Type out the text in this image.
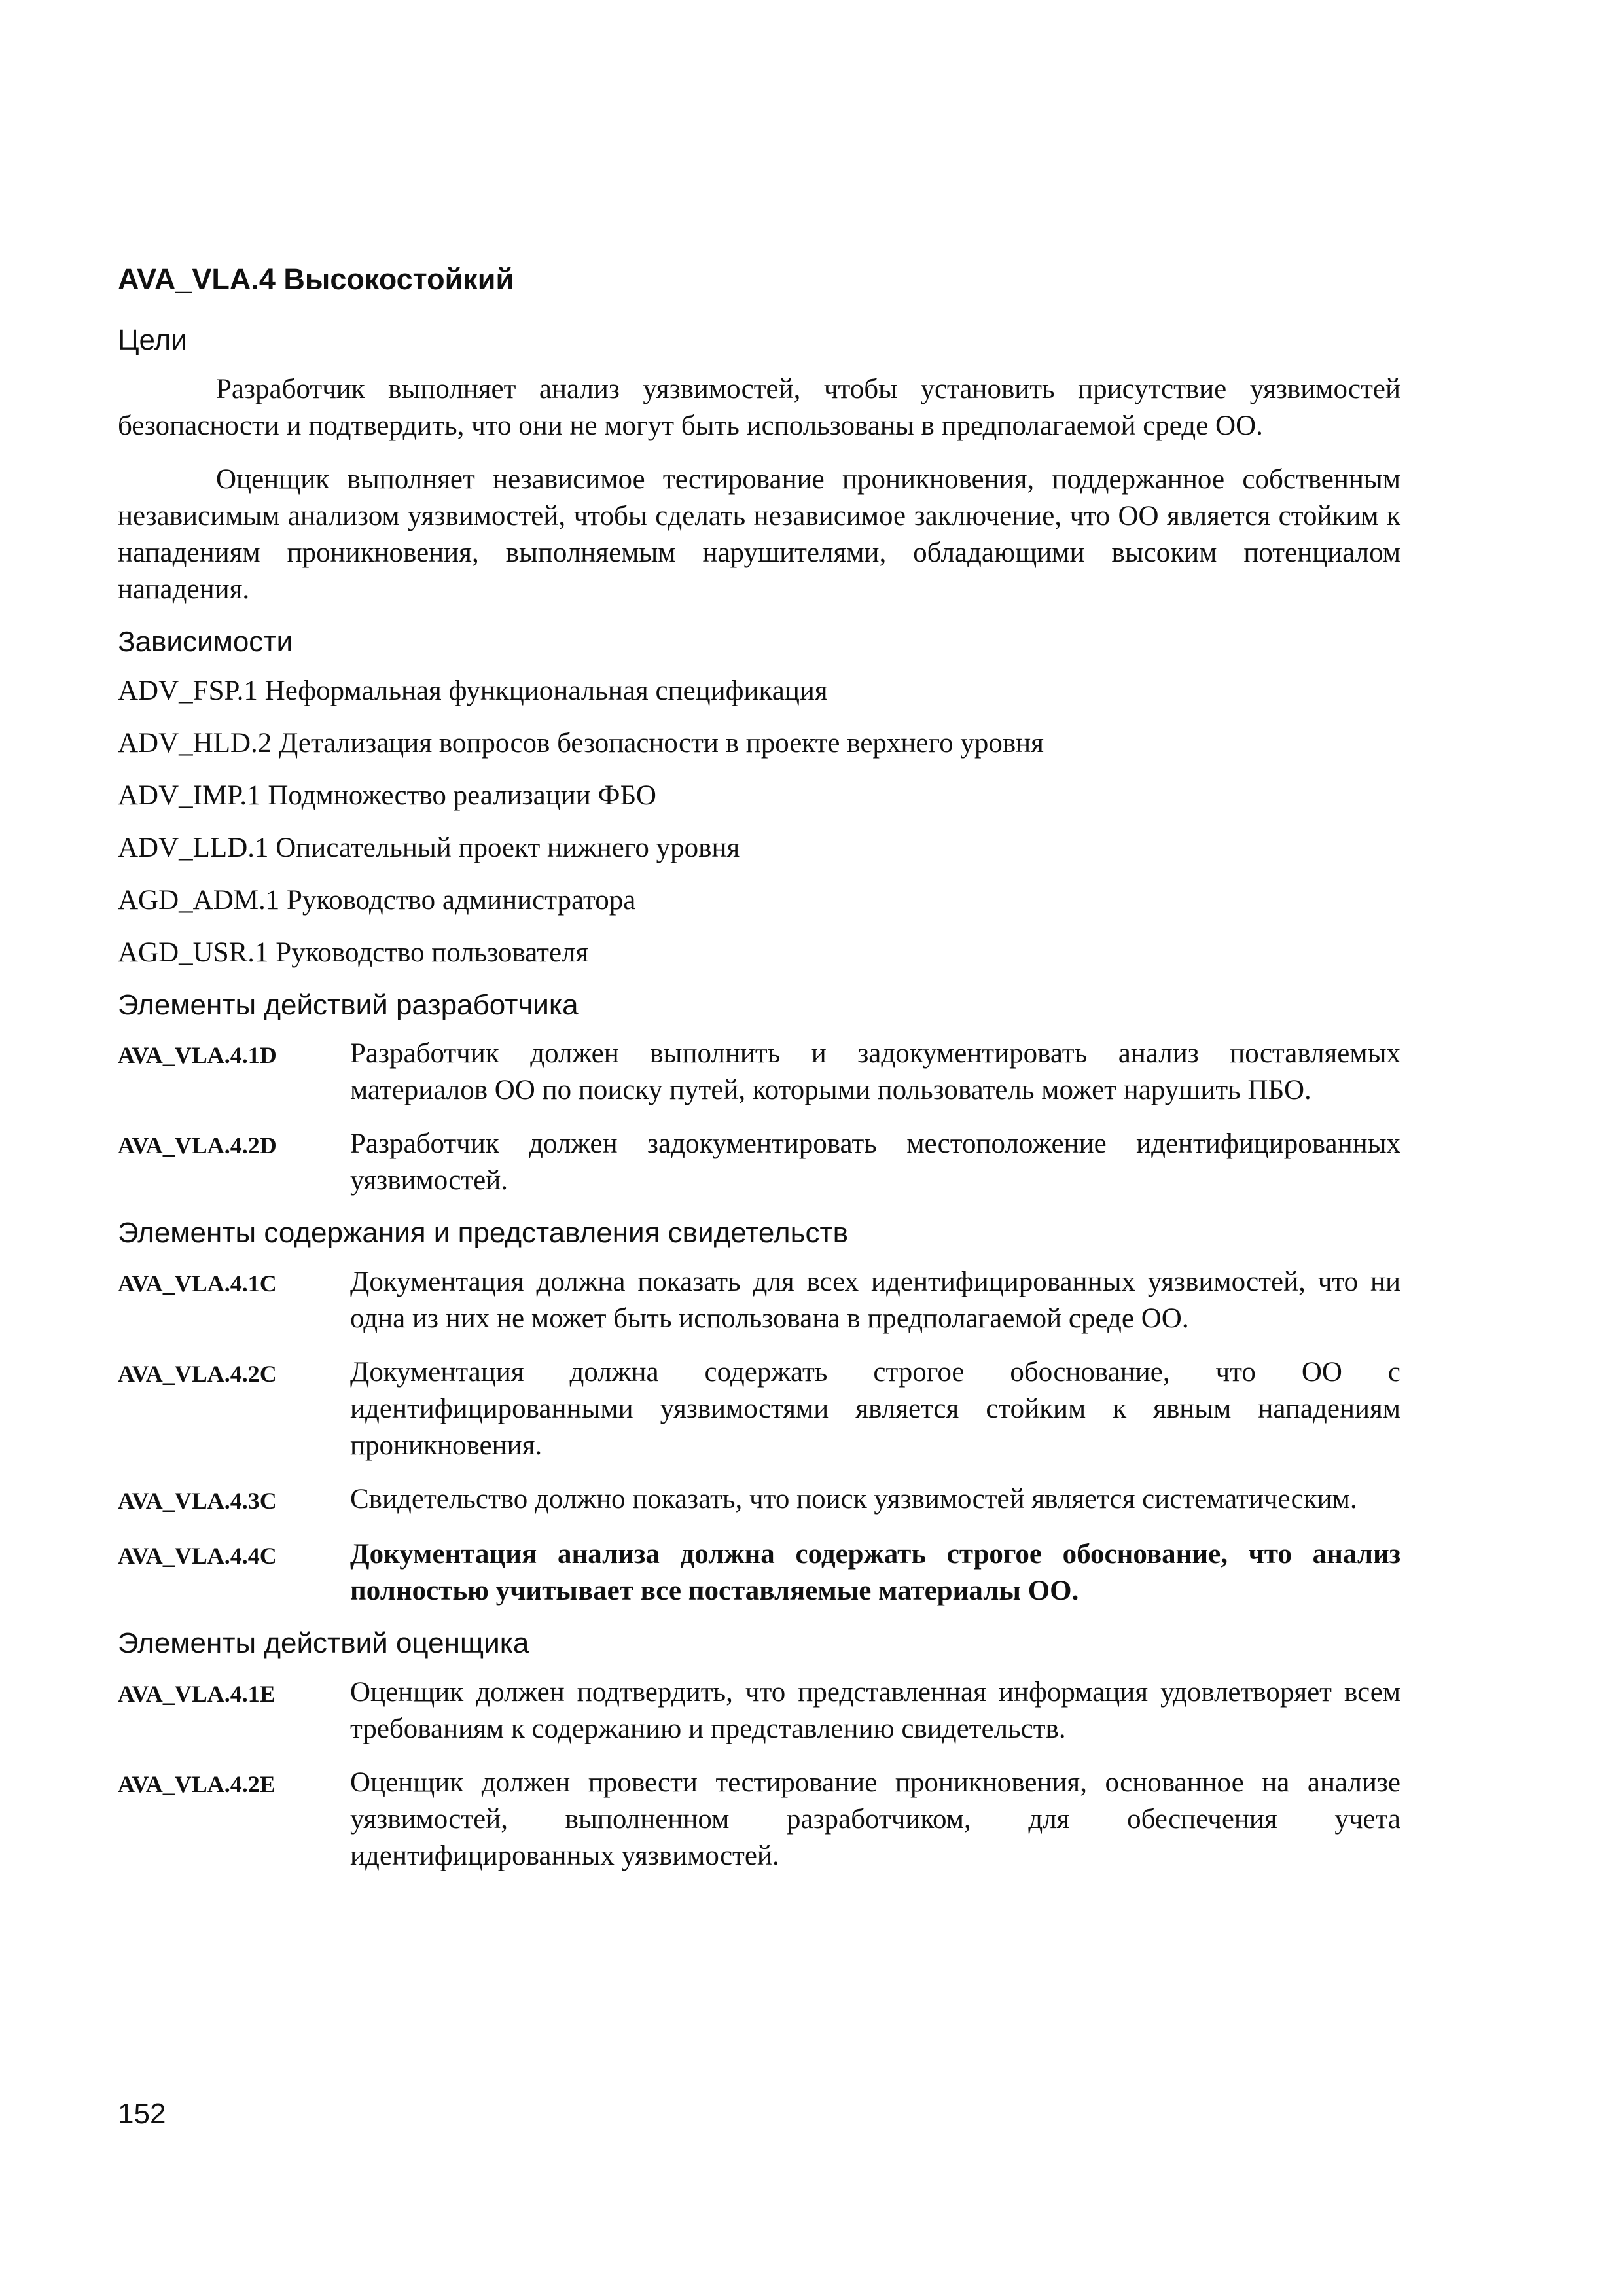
AVA_VLA.4 Высокостойкий
Цели

Разработчик выполняет анализ уязвимостей, чтобы установить присутствие уязвимостей безопасности и подтвердить, что они не могут быть использованы в предполагаемой среде ОО.

Оценщик выполняет независимое тестирование проникновения, поддержанное собственным независимым анализом уязвимостей, чтобы сделать независимое заключение, что ОО является стойким к нападениям проникновения, выполняемым нарушителями, обладающими высоким потенциалом нападения.

Зависимости
ADV_FSP.1 Неформальная функциональная спецификация
ADV_HLD.2 Детализация вопросов безопасности в проекте верхнего уровня
ADV_IMP.1 Подмножество реализации ФБО
ADV_LLD.1 Описательный проект нижнего уровня
AGD_ADM.1 Руководство администратора
AGD_USR.1 Руководство пользователя
Элементы действий разработчика
AVA_VLA.4.1D	Разработчик должен выполнить и задокументировать анализ поставляемых материалов ОО по поиску путей, которыми пользователь может нарушить ПБО.
AVA_VLA.4.2D	Разработчик должен задокументировать местоположение идентифицированных уязвимостей.
Элементы содержания и представления свидетельств
AVA_VLA.4.1C	Документация должна показать для всех идентифицированных уязвимостей, что ни одна из них не может быть использована в предполагаемой среде ОО.
AVA_VLA.4.2C	Документация должна содержать строгое обоснование, что ОО с идентифицированными уязвимостями является стойким к явным нападениям проникновения.
AVA_VLA.4.3C	Свидетельство должно показать, что поиск уязвимостей является систематическим.
AVA_VLA.4.4C	Документация анализа должна содержать строгое обоснование, что анализ полностью учитывает все поставляемые материалы ОО.
Элементы действий оценщика
AVA_VLA.4.1E	Оценщик должен подтвердить, что представленная информация удовлетворяет всем требованиям к содержанию и представлению свидетельств.
AVA_VLA.4.2E	Оценщик должен провести тестирование проникновения, основанное на анализе уязвимостей, выполненном разработчиком, для обеспечения учета идентифицированных уязвимостей.
152
